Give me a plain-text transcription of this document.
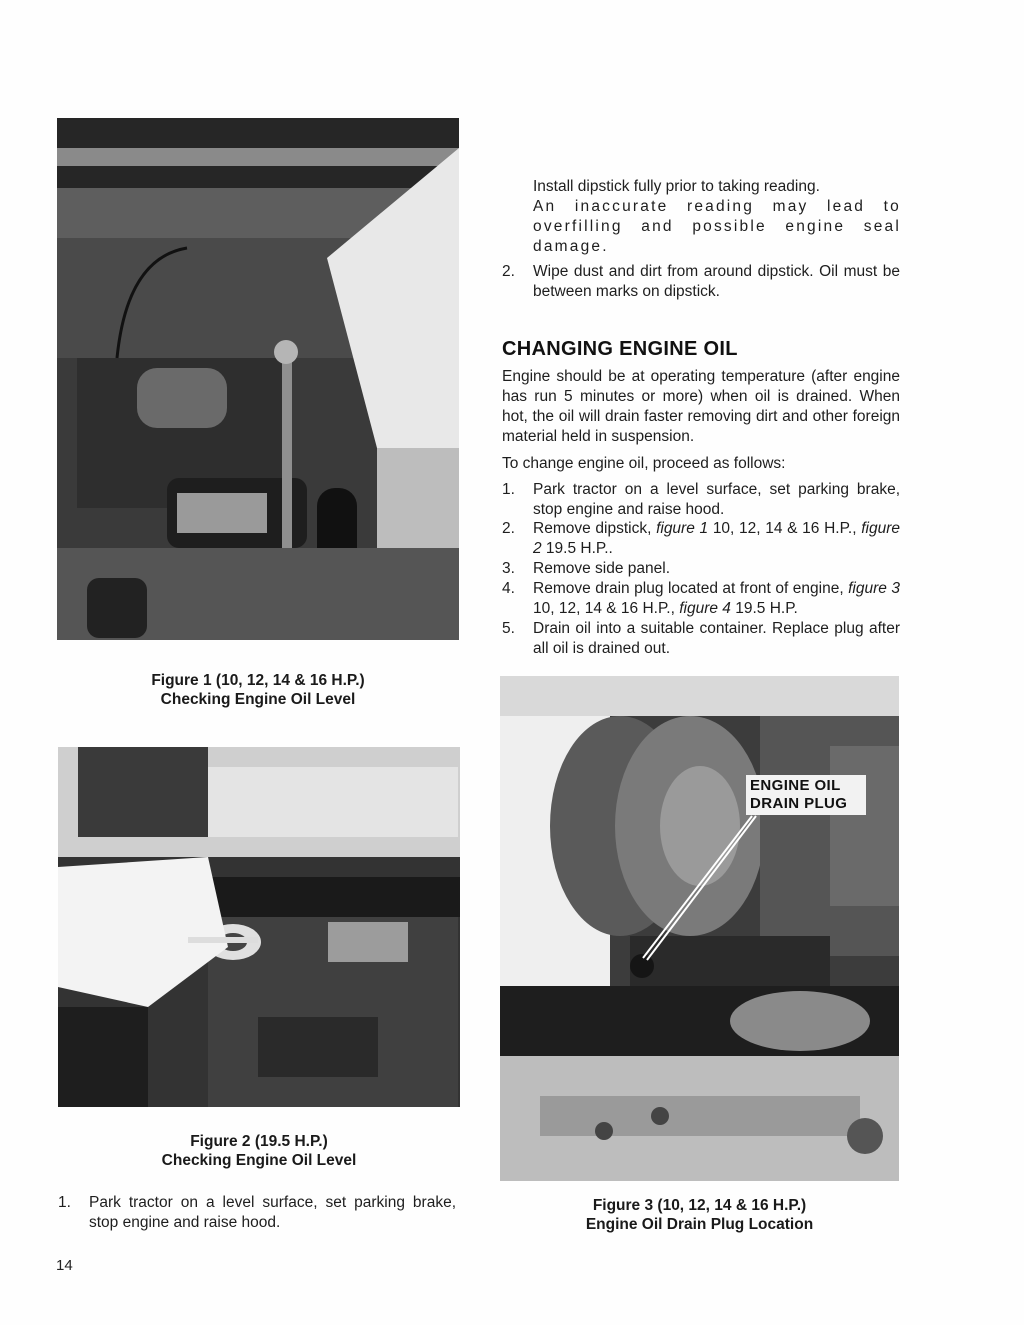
Figure 1 (10, 12, 14 & 16 H.P.)
Checking Engine Oil Level
Figure 2 (19.5 H.P.)
Checking Engine Oil Level
1.	Park tractor on a level surface, set parking brake, stop engine and raise hood.
Install dipstick fully prior to taking reading.
An inaccurate reading may lead to overfilling and possible engine seal damage.
2.	Wipe dust and dirt from around dipstick. Oil must be between marks on dipstick.
CHANGING ENGINE OIL
Engine should be at operating temperature (after engine has run 5 minutes or more) when oil is drained. When hot, the oil will drain faster removing dirt and other foreign material held in suspension.
To change engine oil, proceed as follows:
1.	Park tractor on a level surface, set parking brake, stop engine and raise hood.
2.	Remove dipstick, figure 1 10, 12, 14 & 16 H.P., figure 2 19.5 H.P..
3.	Remove side panel.
4.	Remove drain plug located at front of engine, figure 3 10, 12, 14 & 16 H.P., figure 4 19.5 H.P.
5.	Drain oil into a suitable container. Replace plug after all oil is drained out.
ENGINE OIL
DRAIN PLUG
Figure 3 (10, 12, 14 & 16 H.P.)
Engine Oil Drain Plug Location
14
